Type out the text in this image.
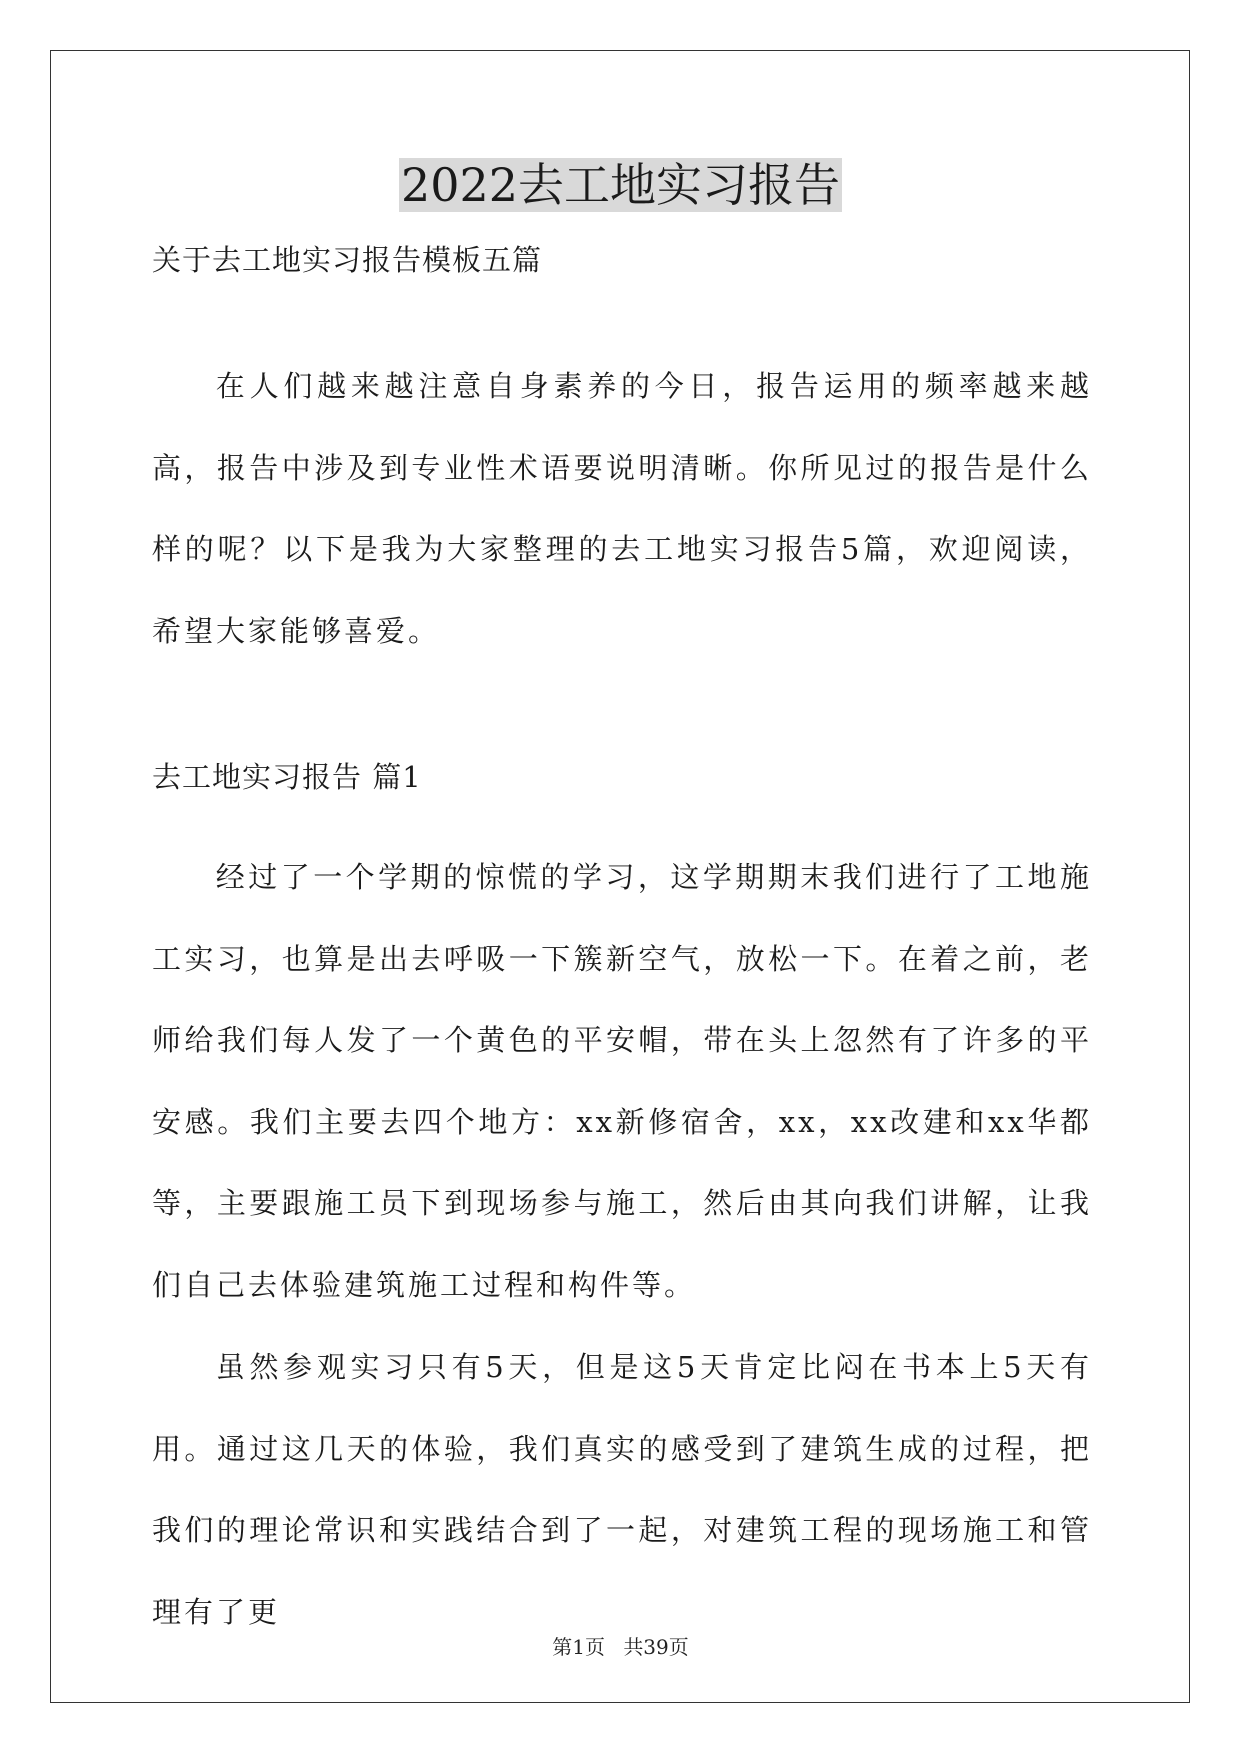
2022去工地实习报告

关于去工地实习报告模板五篇

在人们越来越注意自身素养的今日，报告运用的频率越来越高，报告中涉及到专业性术语要说明清晰。你所见过的报告是什么样的呢？以下是我为大家整理的去工地实习报告5篇，欢迎阅读，希望大家能够喜爱。

去工地实习报告 篇1

经过了一个学期的惊慌的学习，这学期期末我们进行了工地施工实习，也算是出去呼吸一下簇新空气，放松一下。在着之前，老师给我们每人发了一个黄色的平安帽，带在头上忽然有了许多的平安感。我们主要去四个地方：xx新修宿舍，xx，xx改建和xx华都等，主要跟施工员下到现场参与施工，然后由其向我们讲解，让我们自己去体验建筑施工过程和构件等。

虽然参观实习只有5天，但是这5天肯定比闷在书本上5天有用。通过这几天的体验，我们真实的感受到了建筑生成的过程，把我们的理论常识和实践结合到了一起，对建筑工程的现场施工和管理有了更

第1页 共39页
